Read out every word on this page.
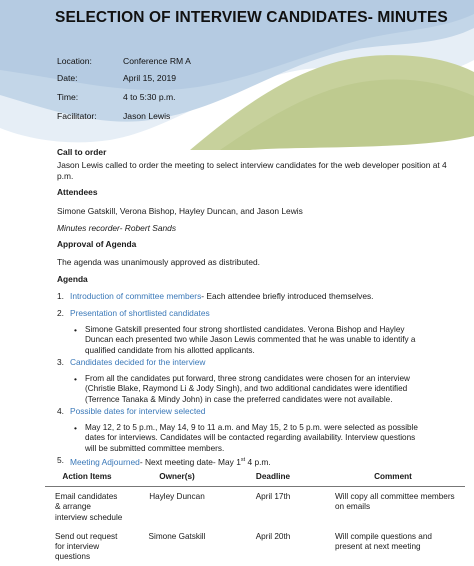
SELECTION OF INTERVIEW CANDIDATES- MINUTES
Location:	Conference RM A
Date:	April 15, 2019
Time:	4 to 5:30 p.m.
Facilitator:	Jason Lewis
Call to order
Jason Lewis called to order the meeting to select interview candidates for the web developer position at 4
p.m.
Attendees
Simone Gatskill, Verona Bishop, Hayley Duncan, and Jason Lewis
Minutes recorder- Robert Sands
Approval of Agenda
The agenda was unanimously approved as distributed.
Agenda
1. Introduction of committee members- Each attendee briefly introduced themselves.
2. Presentation of shortlisted candidates
• Simone Gatskill presented four strong shortlisted candidates. Verona Bishop and Hayley Duncan each presented two while Jason Lewis commented that he was unable to identify a qualified candidate from his allotted applicants.
3. Candidates decided for the interview
• From all the candidates put forward, three strong candidates were chosen for an interview (Christie Blake, Raymond Li & Jody Singh), and two additional candidates were identified (Terrence Tanaka & Mindy John) in case the preferred candidates were not available.
4. Possible dates for interview selected
• May 12, 2 to 5 p.m., May 14, 9 to 11 a.m. and May 15, 2 to 5 p.m. were selected as possible dates for interviews. Candidates will be contacted regarding availability. Interview questions will be submitted committee members.
5. Meeting Adjourned- Next meeting date- May 1st 4 p.m.
Action Items	Owner(s)	Deadline	Comment
Email candidates & arrange interview schedule	Hayley Duncan	April 17th	Will copy all committee members on emails
Send out request for interview questions	Simone Gatskill	April 20th	Will compile questions and present at next meeting
